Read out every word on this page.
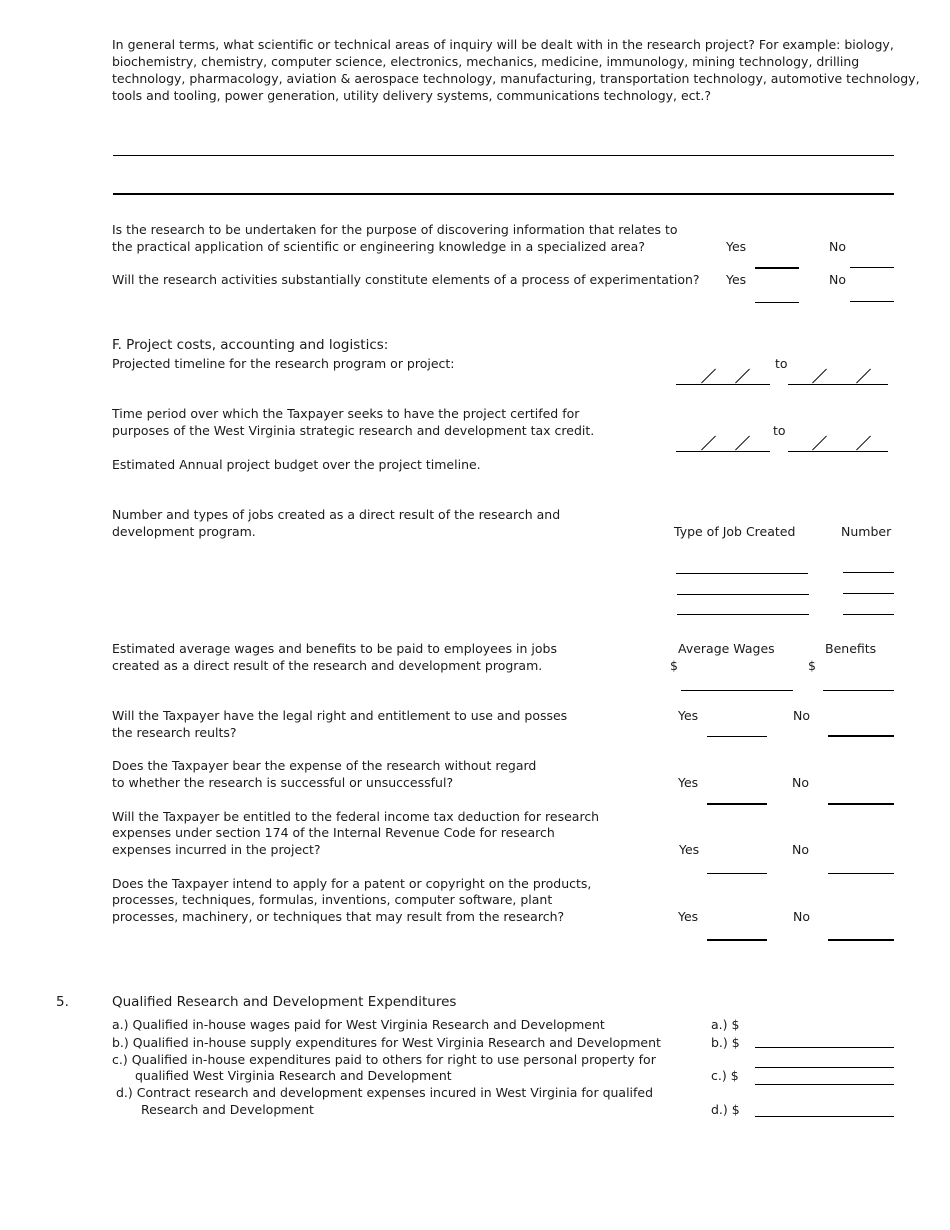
In general terms, what scientific or technical areas of inquiry will be dealt with in the research project? For example: biology,
biochemistry, chemistry, computer science, electronics, mechanics, medicine, immunology, mining technology, drilling
technology, pharmacology, aviation & aerospace technology, manufacturing, transportation technology, automotive technology,
tools and tooling, power generation, utility delivery systems, communications technology, ect.?
Is the research to be undertaken for the purpose of discovering information that relates to
the practical application of scientific or engineering knowledge in a specialized area?	Yes	No
Will the research activities substantially constitute elements of a process of experimentation? Yes	No
F. Project costs, accounting and logistics:
Projected timeline for the research program or project:	to
Time period over which the Taxpayer seeks to have the project certifed for
purposes of the West Virginia strategic research and development tax credit.	to
Estimated Annual project budget over the project timeline.
Number and types of jobs created as a direct result of the research and
development program.	Type of Job Created	Number
Estimated average wages and benefits to be paid to employees in jobs
created as a direct result of the research and development program.
Average Wages	Benefits
$	$
Will the Taxpayer have the legal right and entitlement to use and posses
the research reults?
Yes	No
Does the Taxpayer bear the expense of the research without regard
to whether the research is successful or unsuccessful?	Yes	No
Will the Taxpayer be entitled to the federal income tax deduction for research
expenses under section 174 of the Internal Revenue Code for research
expenses incurred in the project?	Yes	No
Does the Taxpayer intend to apply for a patent or copyright on the products,
processes, techniques, formulas, inventions, computer software, plant
processes, machinery, or techniques that may result from the research?	Yes	No
5.	Qualified Research and Development Expenditures
a.) Qualified in-house wages paid for West Virginia Research and Development	a.) $
b.) Qualified in-house supply expenditures for West Virginia Research and Development	b.) $
c.) Qualified in-house expenditures paid to others for right to use personal property for
qualified West Virginia Research and Development	c.) $
d.) Contract research and development expenses incured in West Virginia for qualifed
Research and Development	d.) $
